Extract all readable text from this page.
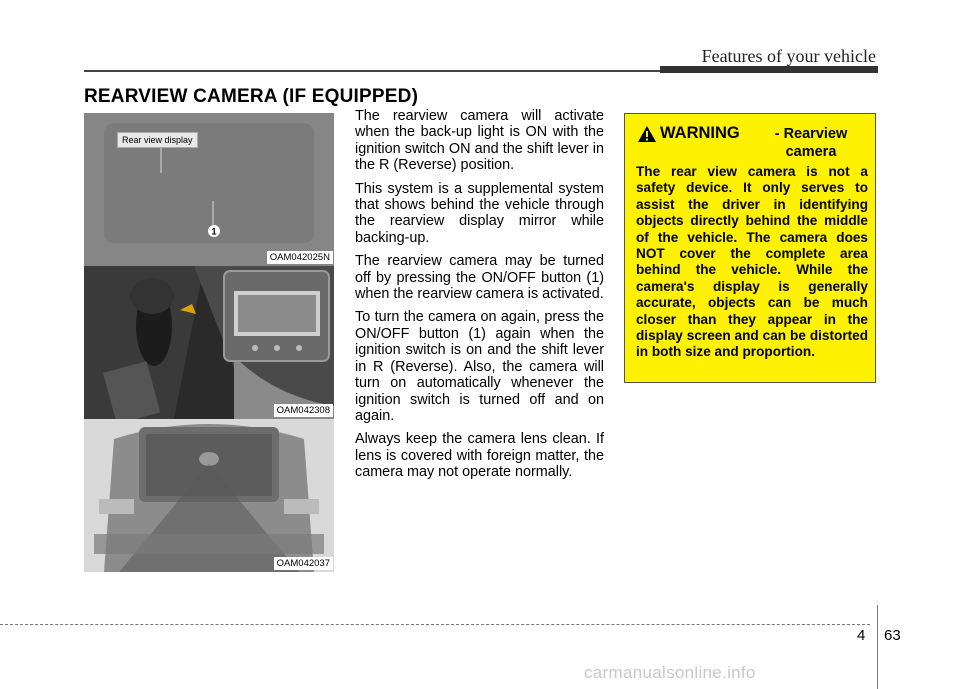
Features of your vehicle
REARVIEW CAMERA (IF EQUIPPED)
1
Rear view display
OAM042025N
OAM042308
OAM042037

The rearview camera will activate when the back-up light is ON with the ignition switch ON and the shift lever in the R (Reverse) position.

This system is a supplemental system that shows behind the vehicle through the rearview display mirror while backing-up.

The rearview camera may be turned off by pressing the ON/OFF button (1) when the rearview camera is activated.

To turn the camera on again, press the ON/OFF button (1) again when the ignition switch is on and the shift lever in R (Reverse). Also, the camera will turn on automatically whenever the ignition switch is turned off and on again.

Always keep the camera lens clean. If lens is covered with foreign matter, the camera may not operate normally.

WARNING	- Rearview camera
The rear view camera is not a safety device. It only serves to assist the driver in identifying objects directly behind the middle of the vehicle. The camera does NOT cover the complete area behind the vehicle. While the camera's display is generally accurate, objects can be much closer than they appear in the display screen and can be distorted in both size and proportion.
4 63
carmanualsonline.info
